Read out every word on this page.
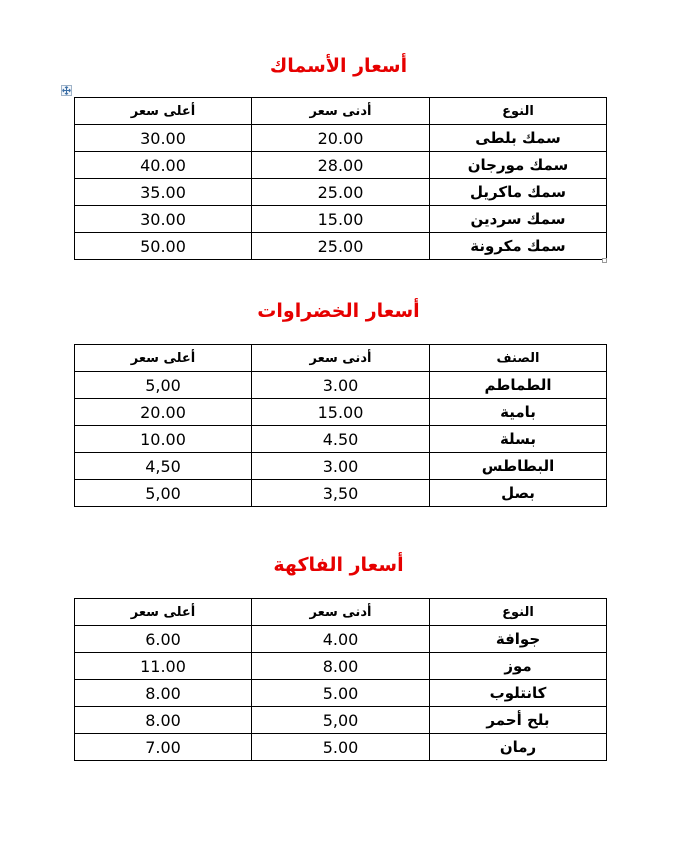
أسعار الأسماك
أعلى سعر	أدنى سعر	النوع
30.00	20.00	سمك بلطى
40.00	28.00	سمك مورجان
35.00	25.00	سمك ماكريل
30.00	15.00	سمك سردين
50.00	25.00	سمك مكرونة
أسعار الخضراوات
أعلى سعر	أدنى سعر	الصنف
5,00	3.00	الطماطم
20.00	15.00	بامية
10.00	4.50	بسلة
4,50	3.00	البطاطس
5,00	3,50	بصل
أسعار الفاكهة
أعلى سعر	أدنى سعر	النوع
6.00	4.00	جوافة
11.00	8.00	موز
8.00	5.00	كانتلوب
8.00	5,00	بلح أحمر
7.00	5.00	رمان
